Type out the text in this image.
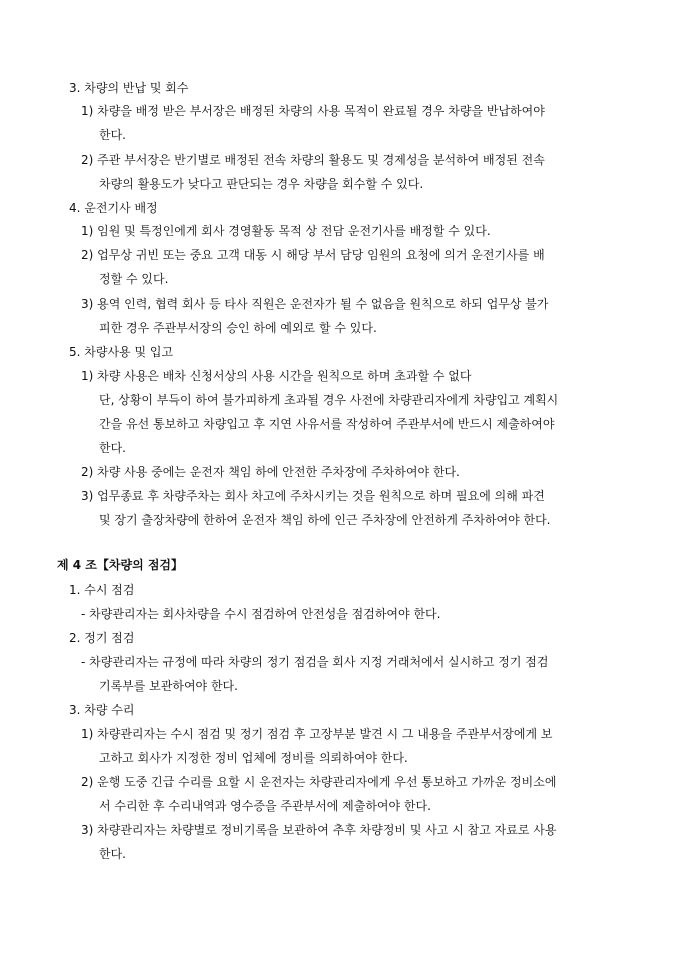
3. 차량의 반납 및 회수
1) 차량을 배정 받은 부서장은 배정된 차량의 사용 목적이 완료될 경우 차량을 반납하여야
한다.
2) 주관 부서장은 반기별로 배정된 전속 차량의 활용도 및 경제성을 분석하여 배정된 전속
차량의 활용도가 낮다고 판단되는 경우 차량을 회수할 수 있다.
4. 운전기사 배정
1) 임원 및 특정인에게 회사 경영활동 목적 상 전담 운전기사를 배정할 수 있다.
2) 업무상 귀빈 또는 중요 고객 대동 시 해당 부서 담당 임원의 요청에 의거 운전기사를 배
정할 수 있다.
3) 용역 인력, 협력 회사 등 타사 직원은 운전자가 될 수 없음을 원칙으로 하되 업무상 불가
피한 경우 주관부서장의 승인 하에 예외로 할 수 있다.
5. 차량사용 및 입고
1) 차량 사용은 배차 신청서상의 사용 시간을 원칙으로 하며 초과할 수 없다
단, 상황이 부득이 하여 불가피하게 초과될 경우 사전에 차량관리자에게 차량입고 계획시
간을 유선 통보하고 차량입고 후 지연 사유서를 작성하여 주관부서에 반드시 제출하여야
한다.
2) 차량 사용 중에는 운전자 책임 하에 안전한 주차장에 주차하여야 한다.
3) 업무종료 후 차량주차는 회사 차고에 주차시키는 것을 원칙으로 하며 필요에 의해 파견
및 장기 출장차량에 한하여 운전자 책임 하에 인근 주차장에 안전하게 주차하여야 한다.
제 4 조【차량의 점검】
1. 수시 점검
- 차량관리자는 회사차량을 수시 점검하여 안전성을 점검하여야 한다.
2. 정기 점검
- 차량관리자는 규정에 따라 차량의 정기 점검을 회사 지정 거래처에서 실시하고 정기 점검
기록부를 보관하여야 한다.
3. 차량 수리
1) 차량관리자는 수시 점검 및 정기 점검 후 고장부분 발견 시 그 내용을 주관부서장에게 보
고하고 회사가 지정한 정비 업체에 정비를 의뢰하여야 한다.
2) 운행 도중 긴급 수리를 요할 시 운전자는 차량관리자에게 우선 통보하고 가까운 정비소에
서 수리한 후 수리내역과 영수증을 주관부서에 제출하여야 한다.
3) 차량관리자는 차량별로 정비기록을 보관하여 추후 차량정비 및 사고 시 참고 자료로 사용
한다.
